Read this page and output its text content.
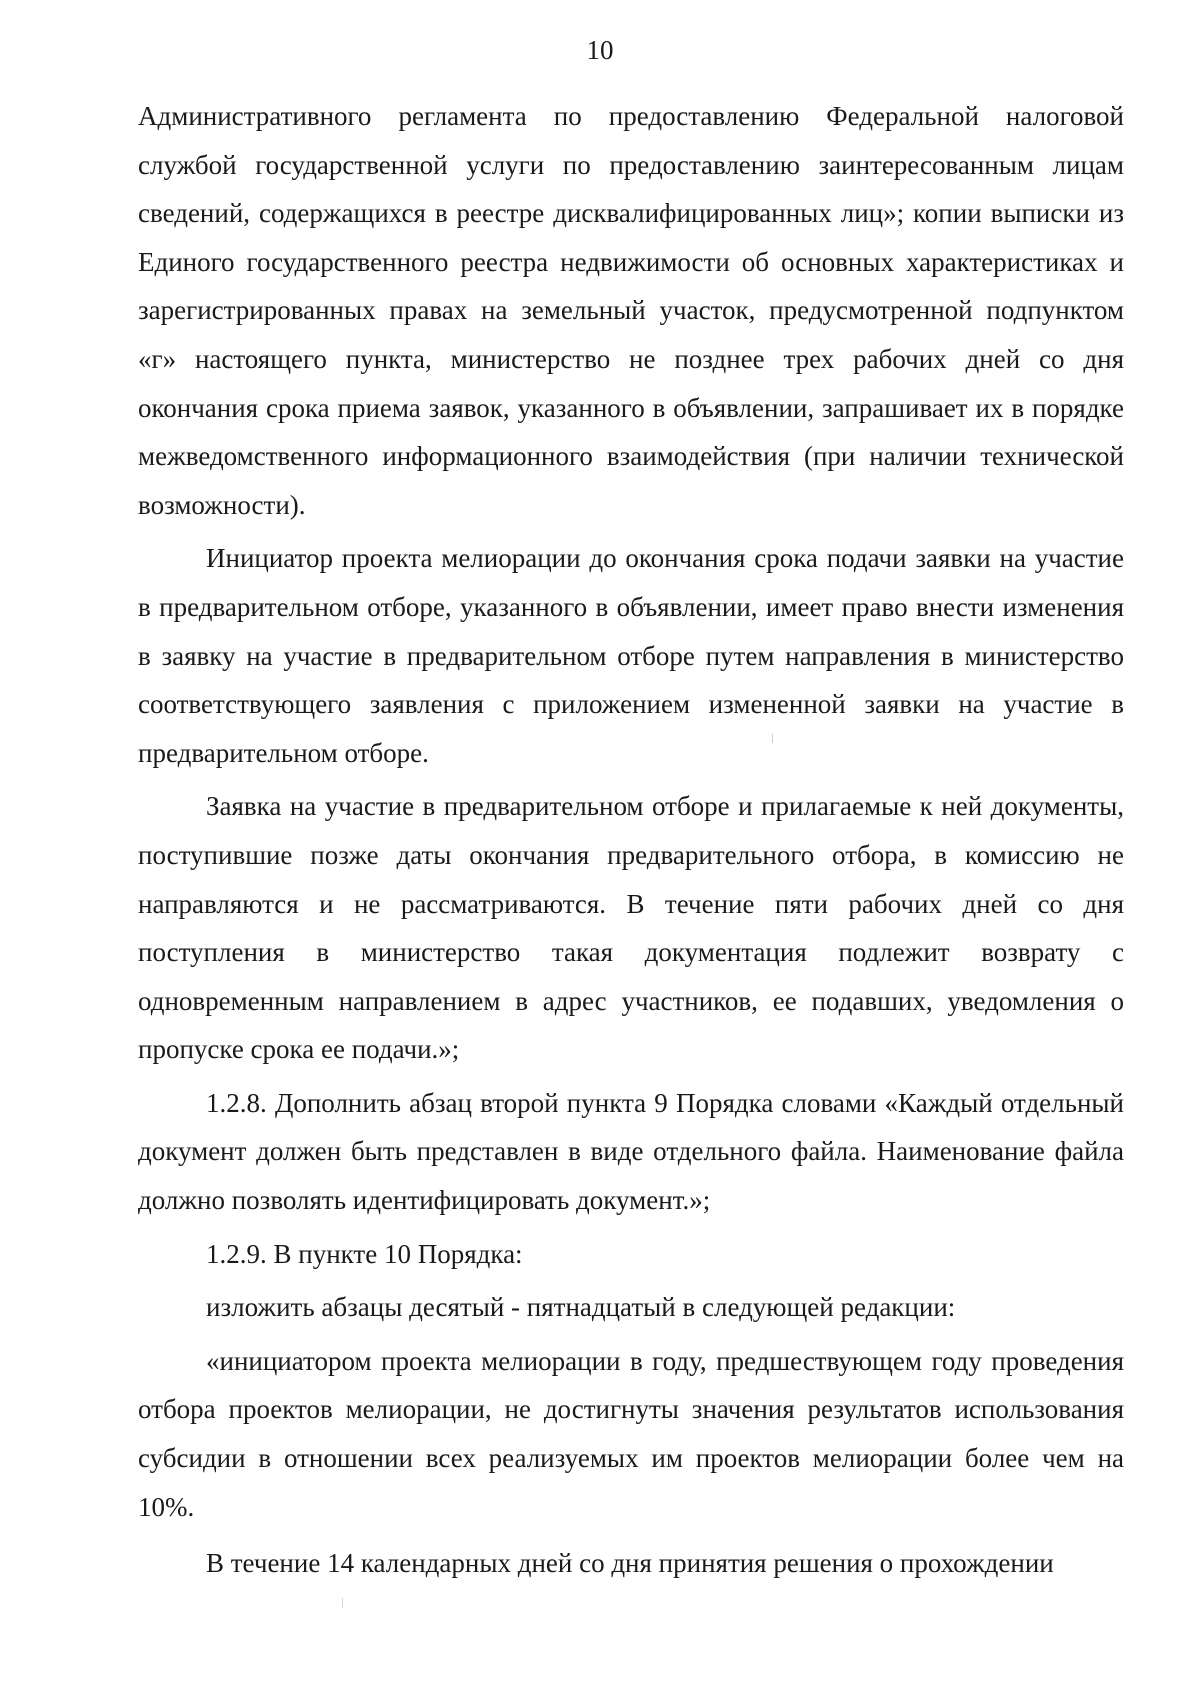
10

Административного регламента по предоставлению Федеральной налоговой службой государственной услуги по предоставлению заинтересованным лицам сведений, содержащихся в реестре дисквалифицированных лиц»; копии выписки из Единого государственного реестра недвижимости об основных характеристиках и зарегистрированных правах на земельный участок, предусмотренной подпунктом «г» настоящего пункта, министерство не позднее трех рабочих дней со дня окончания срока приема заявок, указанного в объявлении, запрашивает их в порядке межведомственного информационного взаимодействия (при наличии технической возможности).

Инициатор проекта мелиорации до окончания срока подачи заявки на участие в предварительном отборе, указанного в объявлении, имеет право внести изменения в заявку на участие в предварительном отборе путем направления в министерство соответствующего заявления с приложением измененной заявки на участие в предварительном отборе.

Заявка на участие в предварительном отборе и прилагаемые к ней документы, поступившие позже даты окончания предварительного отбора, в комиссию не направляются и не рассматриваются. В течение пяти рабочих дней со дня поступления в министерство такая документация подлежит возврату с одновременным направлением в адрес участников, ее подавших, уведомления о пропуске срока ее подачи.»;

1.2.8. Дополнить абзац второй пункта 9 Порядка словами «Каждый отдельный документ должен быть представлен в виде отдельного файла. Наименование файла должно позволять идентифицировать документ.»;

1.2.9. В пункте 10 Порядка:

изложить абзацы десятый - пятнадцатый в следующей редакции:

«инициатором проекта мелиорации в году, предшествующем году проведения отбора проектов мелиорации, не достигнуты значения результатов использования субсидии в отношении всех реализуемых им проектов мелиорации более чем на 10%.

В течение 14 календарных дней со дня принятия решения о прохождении
